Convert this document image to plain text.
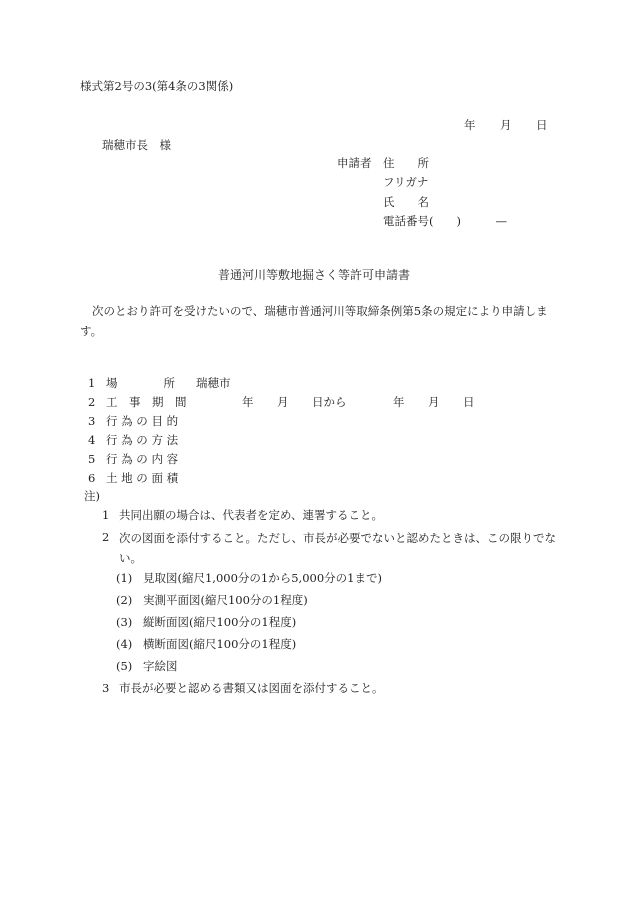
様式第2号の3(第4条の3関係)
年 月 日
瑞穂市長　様
申請者 住　　所
フリガナ
氏　　名
電話番号(　　)　　　—
普通河川等敷地掘さく等許可申請書
次のとおり許可を受けたいので、瑞穂市普通河川等取締条例第5条の規定により申請します。
1 場　　　　所 瑞穂市
2 工　事　期　間	年 月 日から	年 月 日
3 行 為 の 目 的
4 行 為 の 方 法
5 行 為 の 内 容
6 土 地 の 面 積
注)
1 共同出願の場合は、代表者を定め、連署すること。
2 次の図面を添付すること。ただし、市長が必要でないと認めたときは、この限りでない。
(1) 見取図(縮尺1,000分の1から5,000分の1まで)
(2) 実測平面図(縮尺100分の1程度)
(3) 縦断面図(縮尺100分の1程度)
(4) 横断面図(縮尺100分の1程度)
(5) 字絵図
3 市長が必要と認める書類又は図面を添付すること。
